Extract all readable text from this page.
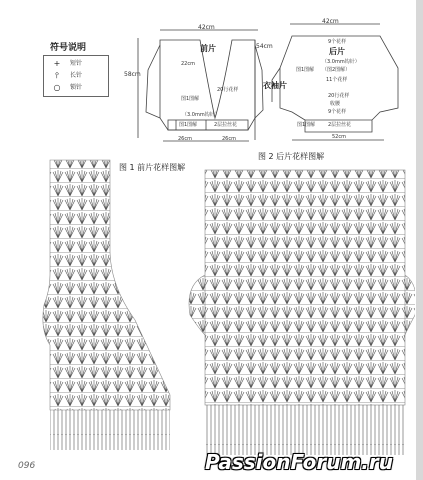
符号说明
+	短针
⫯	长针
○	锁针
42cm
58cm
54cm
前片
22cm
20行花样
图1图解
（3.0mm钩针）
图1图解	2层拉丝花
26cm	26cm
衣袖片
42cm
9个花样
后片
（3.0mm钩针）
（图2图解）
11个花样
图1图解
20行花样
收腰
9个花样
图1图解	2层拉丝花
52cm
图 1 前片花样图解
图 2 后片花样图解
096	PassionForum.ru
